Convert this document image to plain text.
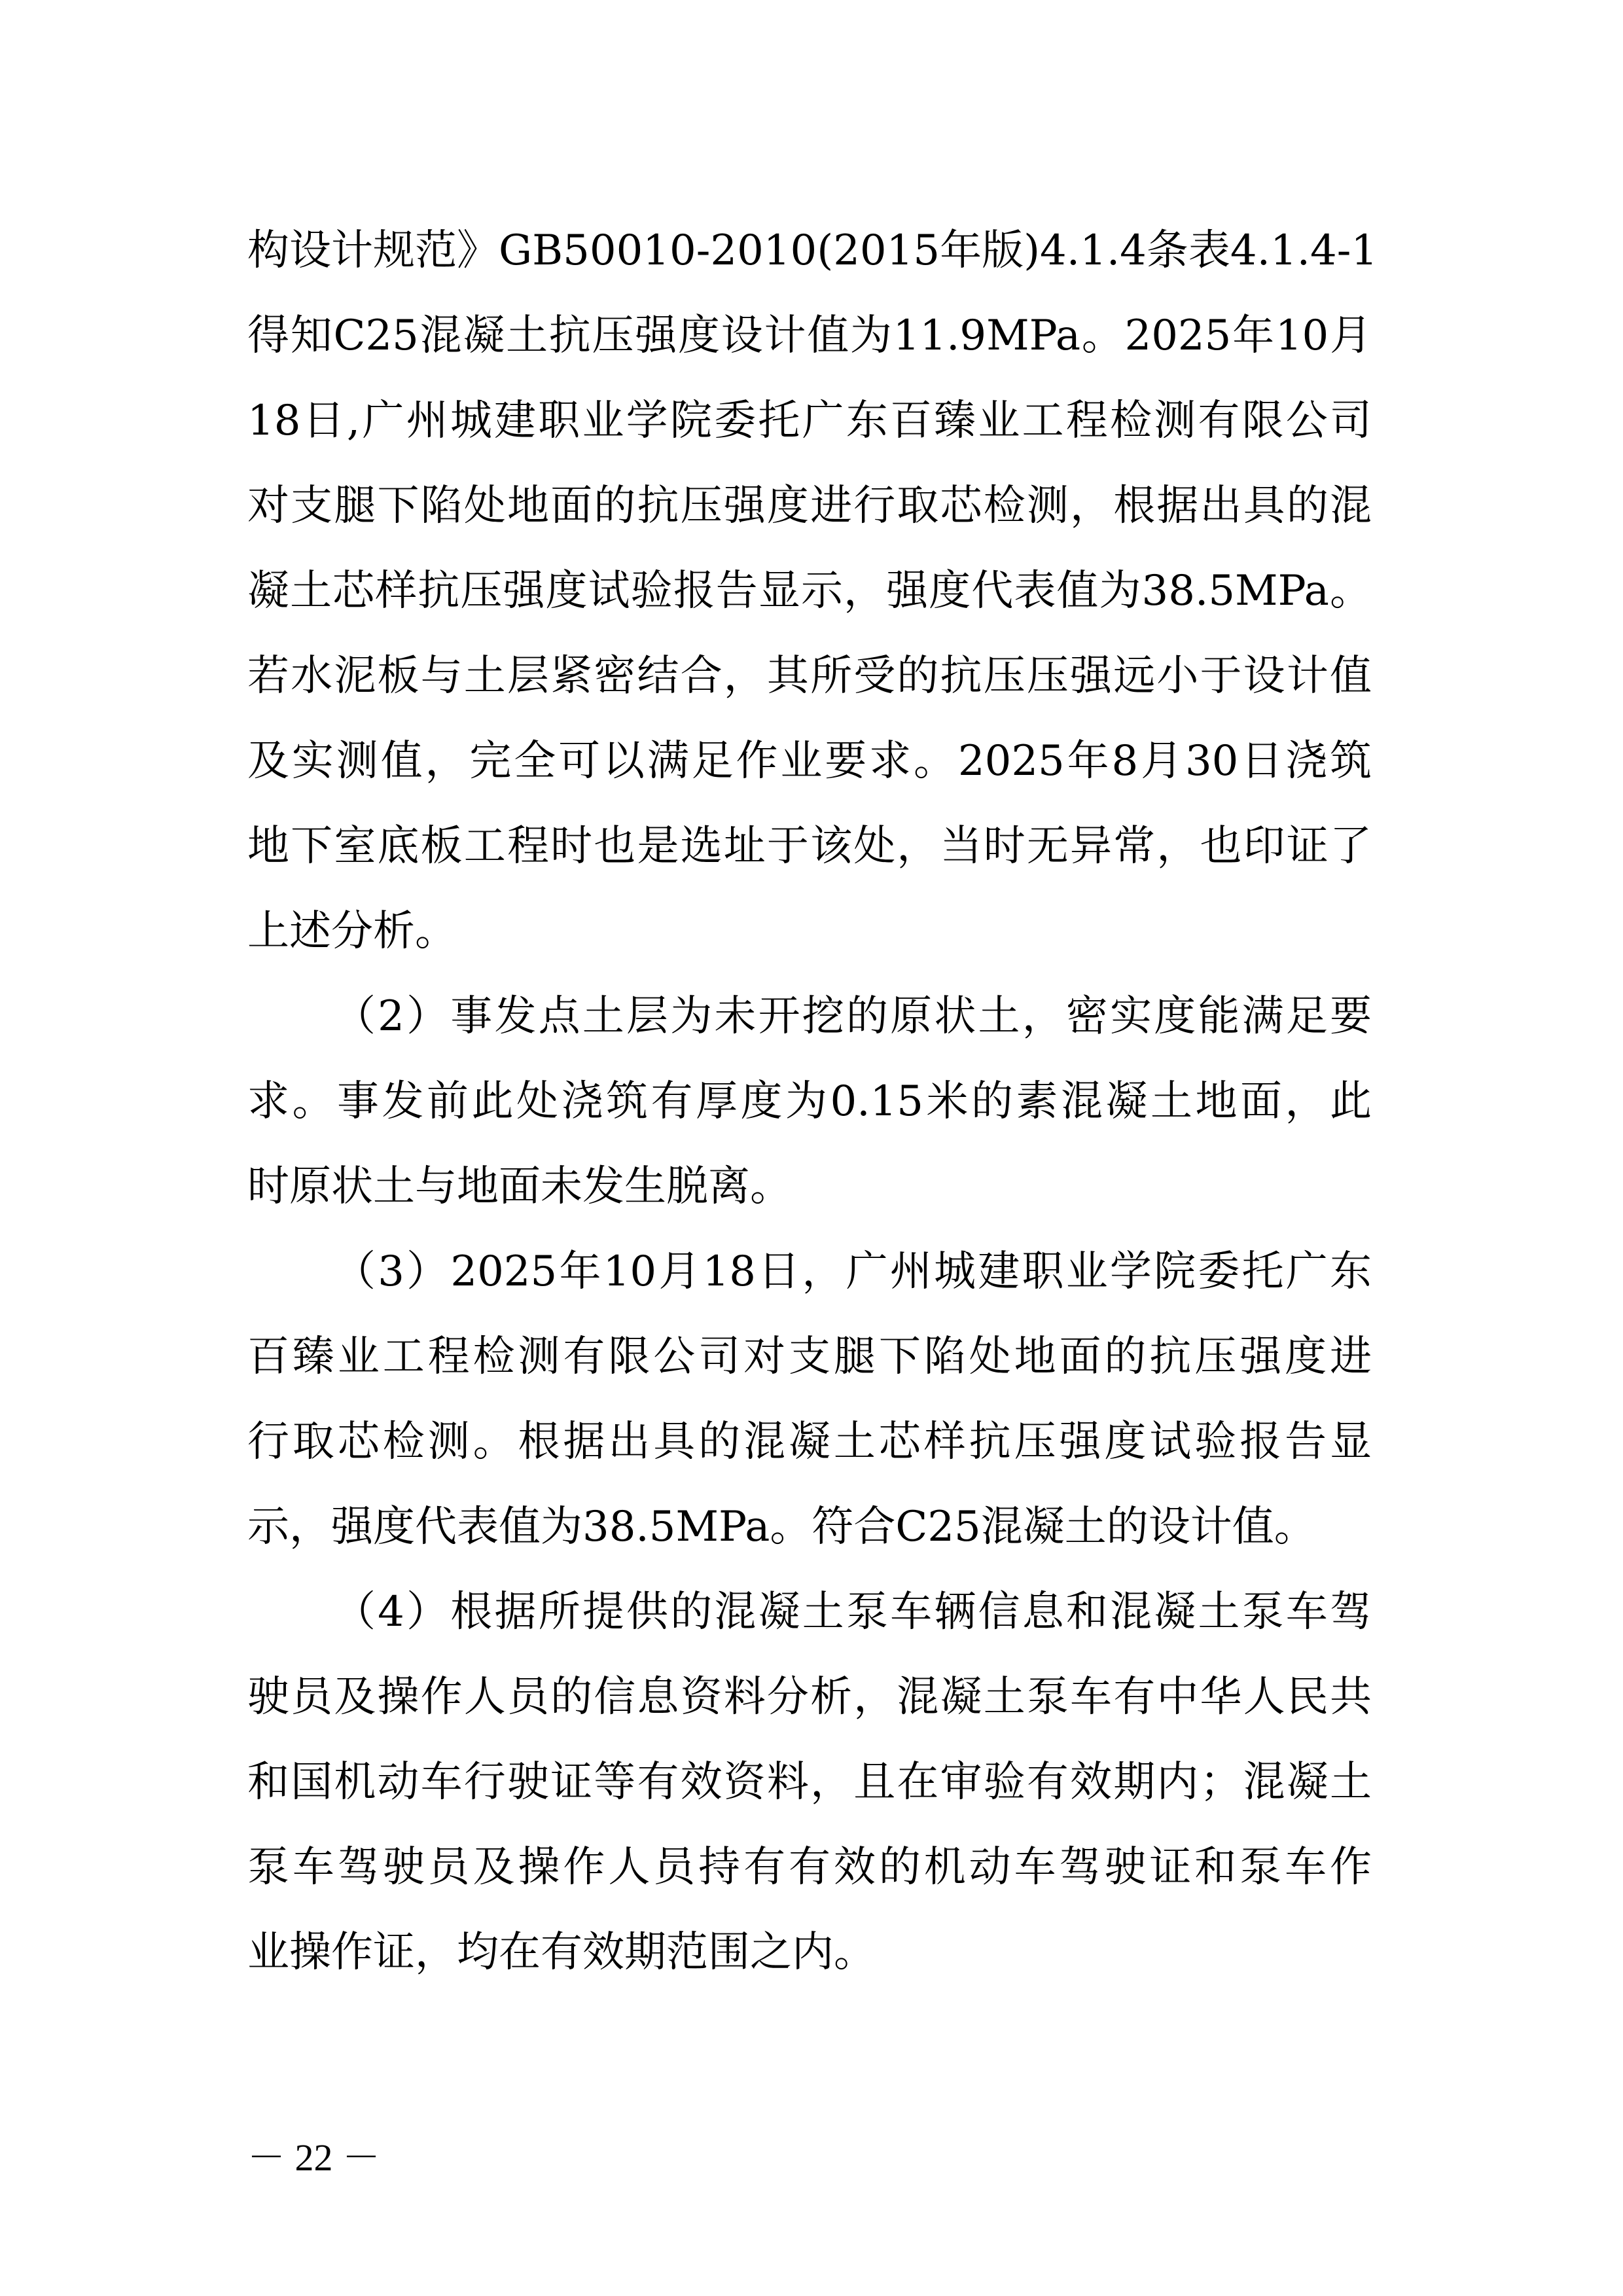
构设计规范》GB50010-2010(2015年版)4.1.4条表4.1.4-1
得知C25混凝土抗压强度设计值为11.9MPa。2025年10月
18日,广州城建职业学院委托广东百臻业工程检测有限公司
对支腿下陷处地面的抗压强度进行取芯检测，根据出具的混
凝土芯样抗压强度试验报告显示，强度代表值为38.5MPa。
若水泥板与土层紧密结合，其所受的抗压压强远小于设计值
及实测值，完全可以满足作业要求。2025年8月30日浇筑
地下室底板工程时也是选址于该处，当时无异常，也印证了
上述分析。
（2）事发点土层为未开挖的原状土，密实度能满足要
求。事发前此处浇筑有厚度为0.15米的素混凝土地面，此
时原状土与地面未发生脱离。
（3）2025年10月18日，广州城建职业学院委托广东
百臻业工程检测有限公司对支腿下陷处地面的抗压强度进
行取芯检测。根据出具的混凝土芯样抗压强度试验报告显
示，强度代表值为38.5MPa。符合C25混凝土的设计值。
（4）根据所提供的混凝土泵车辆信息和混凝土泵车驾
驶员及操作人员的信息资料分析，混凝土泵车有中华人民共
和国机动车行驶证等有效资料，且在审验有效期内；混凝土
泵车驾驶员及操作人员持有有效的机动车驾驶证和泵车作
业操作证，均在有效期范围之内。
－ 22 －
